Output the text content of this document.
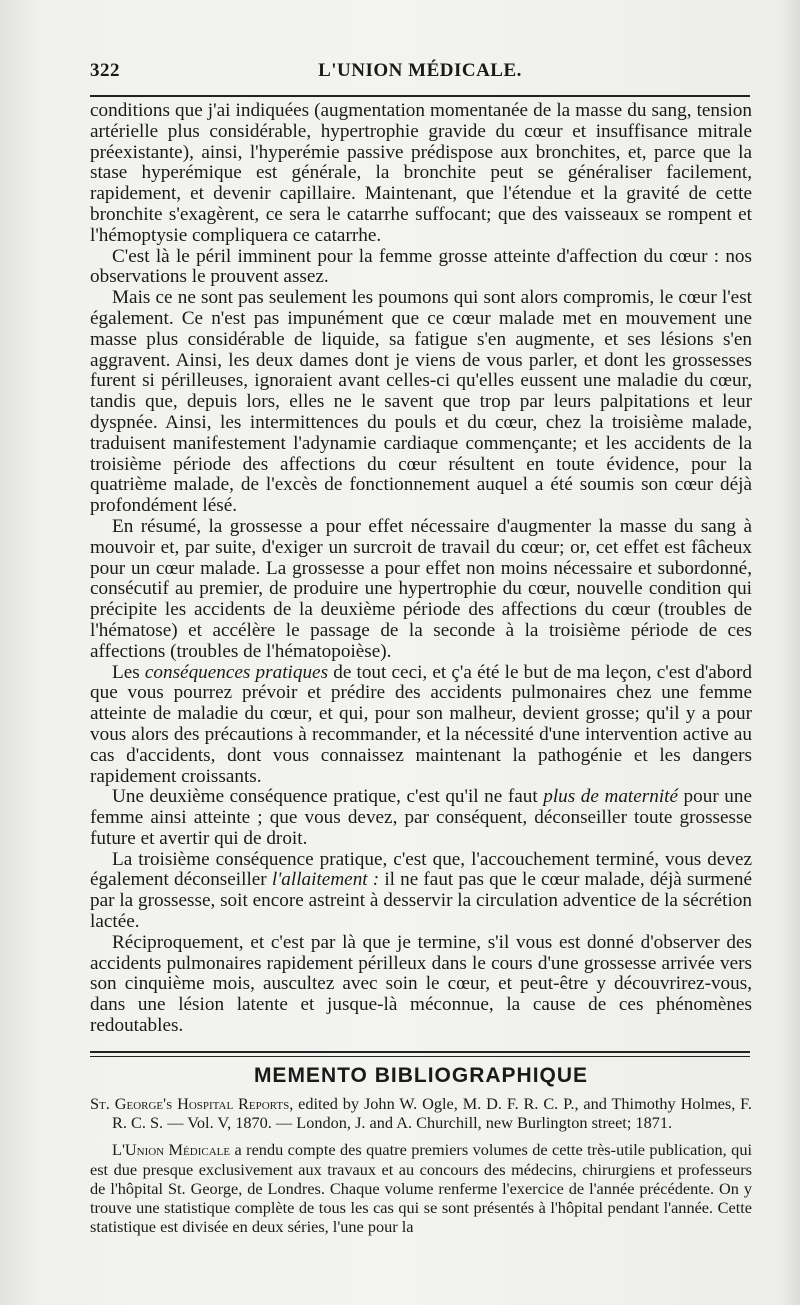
322	L'UNION MÉDICALE.

conditions que j'ai indiquées (augmentation momentanée de la masse du sang, tension artérielle plus considérable, hypertrophie gravide du cœur et insuffisance mitrale préexistante), ainsi, l'hyperémie passive prédispose aux bronchites, et, parce que la stase hyperémique est générale, la bronchite peut se généraliser facilement, rapidement, et devenir capillaire. Maintenant, que l'étendue et la gravité de cette bronchite s'exagèrent, ce sera le catarrhe suffocant; que des vaisseaux se rompent et l'hémoptysie compliquera ce catarrhe.

C'est là le péril imminent pour la femme grosse atteinte d'affection du cœur : nos observations le prouvent assez.

Mais ce ne sont pas seulement les poumons qui sont alors compromis, le cœur l'est également. Ce n'est pas impunément que ce cœur malade met en mouvement une masse plus considérable de liquide, sa fatigue s'en augmente, et ses lésions s'en aggravent. Ainsi, les deux dames dont je viens de vous parler, et dont les grossesses furent si périlleuses, ignoraient avant celles-ci qu'elles eussent une maladie du cœur, tandis que, depuis lors, elles ne le savent que trop par leurs palpitations et leur dyspnée. Ainsi, les intermittences du pouls et du cœur, chez la troisième malade, traduisent manifestement l'adynamie cardiaque commençante; et les accidents de la troisième période des affections du cœur résultent en toute évidence, pour la quatrième malade, de l'excès de fonctionnement auquel a été soumis son cœur déjà profondément lésé.

En résumé, la grossesse a pour effet nécessaire d'augmenter la masse du sang à mouvoir et, par suite, d'exiger un surcroit de travail du cœur; or, cet effet est fâcheux pour un cœur malade. La grossesse a pour effet non moins nécessaire et subordonné, consécutif au premier, de produire une hypertrophie du cœur, nouvelle condition qui précipite les accidents de la deuxième période des affections du cœur (troubles de l'hématose) et accélère le passage de la seconde à la troisième période de ces affections (troubles de l'hématopoièse).

Les conséquences pratiques de tout ceci, et ç'a été le but de ma leçon, c'est d'abord que vous pourrez prévoir et prédire des accidents pulmonaires chez une femme atteinte de maladie du cœur, et qui, pour son malheur, devient grosse; qu'il y a pour vous alors des précautions à recommander, et la nécessité d'une intervention active au cas d'accidents, dont vous connaissez maintenant la pathogénie et les dangers rapidement croissants.

Une deuxième conséquence pratique, c'est qu'il ne faut plus de maternité pour une femme ainsi atteinte ; que vous devez, par conséquent, déconseiller toute grossesse future et avertir qui de droit.

La troisième conséquence pratique, c'est que, l'accouchement terminé, vous devez également déconseiller l'allaitement : il ne faut pas que le cœur malade, déjà surmené par la grossesse, soit encore astreint à desservir la circulation adventice de la sécrétion lactée.

Réciproquement, et c'est par là que je termine, s'il vous est donné d'observer des accidents pulmonaires rapidement périlleux dans le cours d'une grossesse arrivée vers son cinquième mois, auscultez avec soin le cœur, et peut-être y découvrirez-vous, dans une lésion latente et jusque-là méconnue, la cause de ces phénomènes redoutables.

MEMENTO BIBLIOGRAPHIQUE

St. George's Hospital Reports, edited by John W. Ogle, M. D. F. R. C. P., and Thimothy Holmes, F. R. C. S. — Vol. V, 1870. — London, J. and A. Churchill, new Burlington street; 1871.

L'Union Médicale a rendu compte des quatre premiers volumes de cette très-utile publication, qui est due presque exclusivement aux travaux et au concours des médecins, chirurgiens et professeurs de l'hôpital St. George, de Londres. Chaque volume renferme l'exercice de l'année précédente. On y trouve une statistique complète de tous les cas qui se sont présentés à l'hôpital pendant l'année. Cette statistique est divisée en deux séries, l'une pour la
